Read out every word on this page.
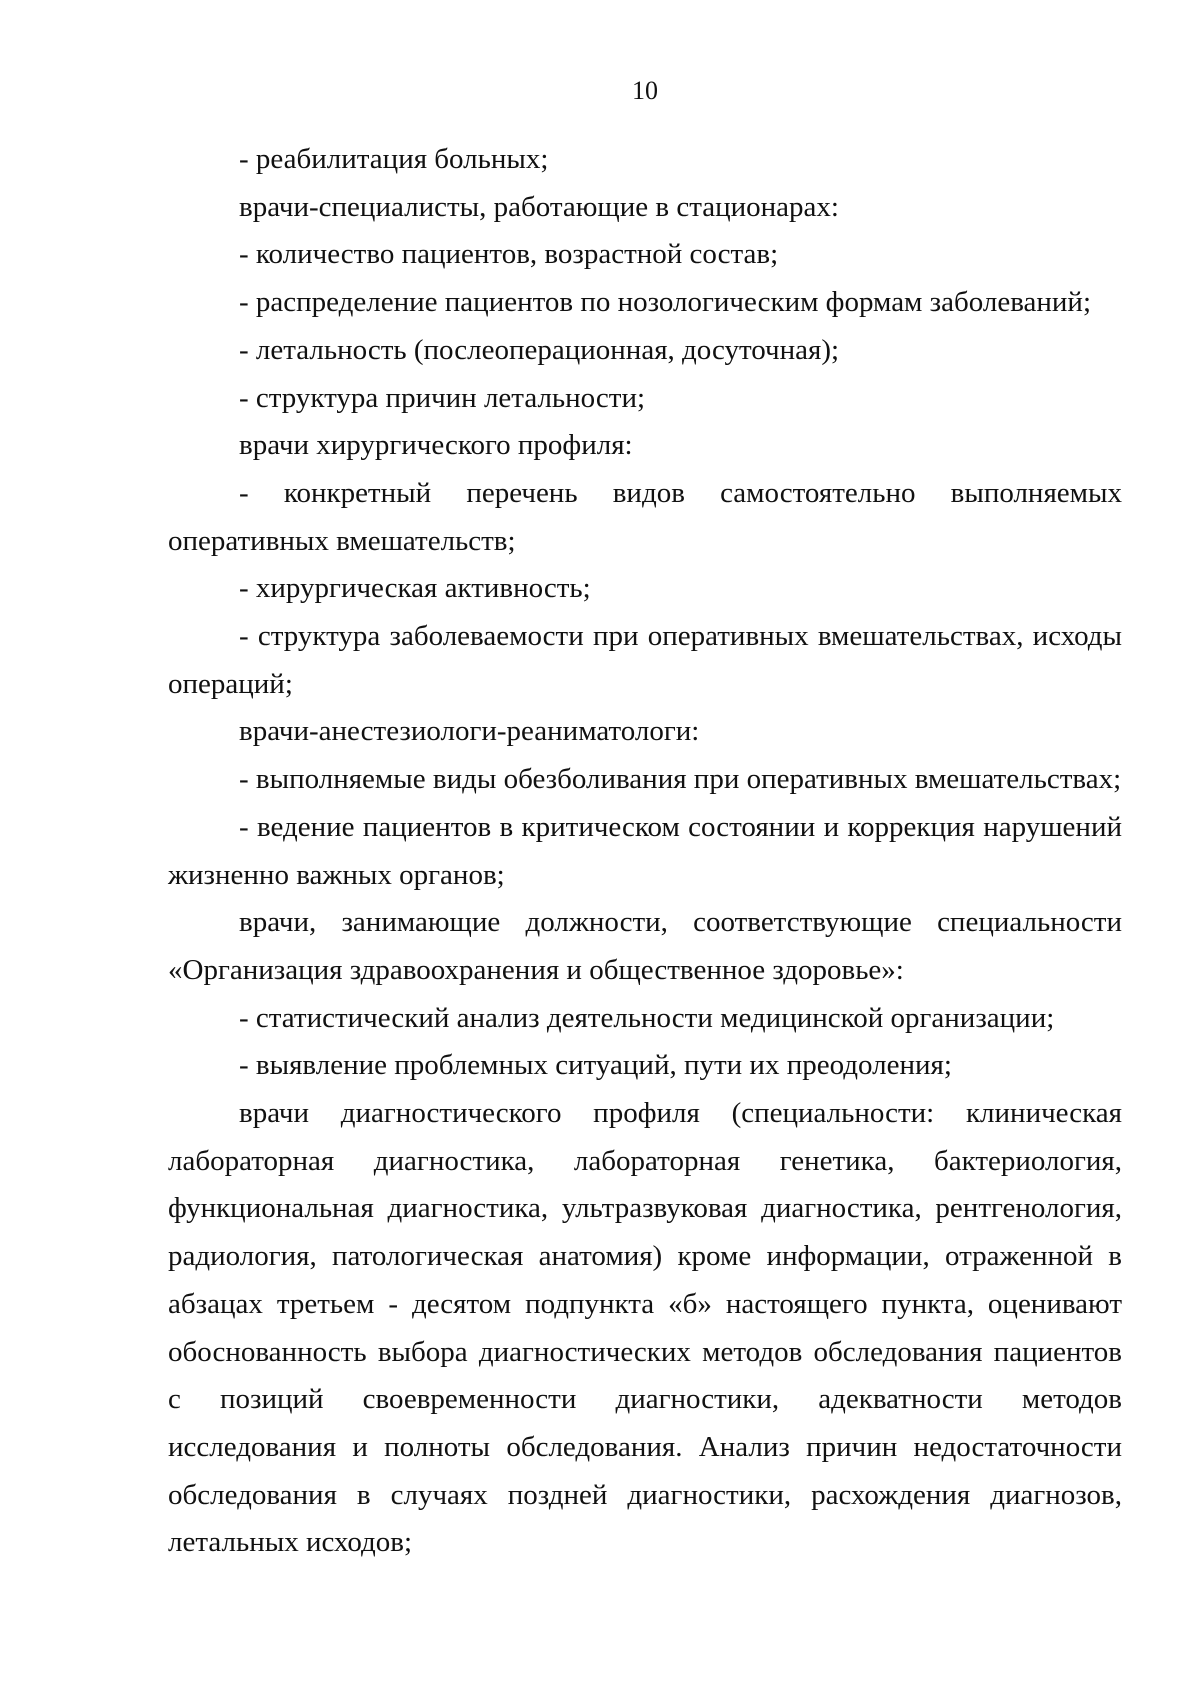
10

- реабилитация больных;

врачи-специалисты, работающие в стационарах:

- количество пациентов, возрастной состав;

- распределение пациентов по нозологическим формам заболеваний;

- летальность (послеоперационная, досуточная);

- структура причин летальности;

врачи хирургического профиля:

- конкретный перечень видов самостоятельно выполняемых оперативных вмешательств;

- хирургическая активность;

- структура заболеваемости при оперативных вмешательствах, исходы операций;

врачи-анестезиологи-реаниматологи:

- выполняемые виды обезболивания при оперативных вмешательствах;

- ведение пациентов в критическом состоянии и коррекция нарушений жизненно важных органов;

врачи, занимающие должности, соответствующие специальности «Организация здравоохранения и общественное здоровье»:

- статистический анализ деятельности медицинской организации;

- выявление проблемных ситуаций, пути их преодоления;

врачи диагностического профиля (специальности: клиническая лабораторная диагностика, лабораторная генетика, бактериология, функциональная диагностика, ультразвуковая диагностика, рентгенология, радиология, патологическая анатомия) кроме информации, отраженной в абзацах третьем - десятом подпункта «б» настоящего пункта, оценивают обоснованность выбора диагностических методов обследования пациентов с позиций своевременности диагностики, адекватности методов исследования и полноты обследования. Анализ причин недостаточности обследования в случаях поздней диагностики, расхождения диагнозов, летальных исходов;
